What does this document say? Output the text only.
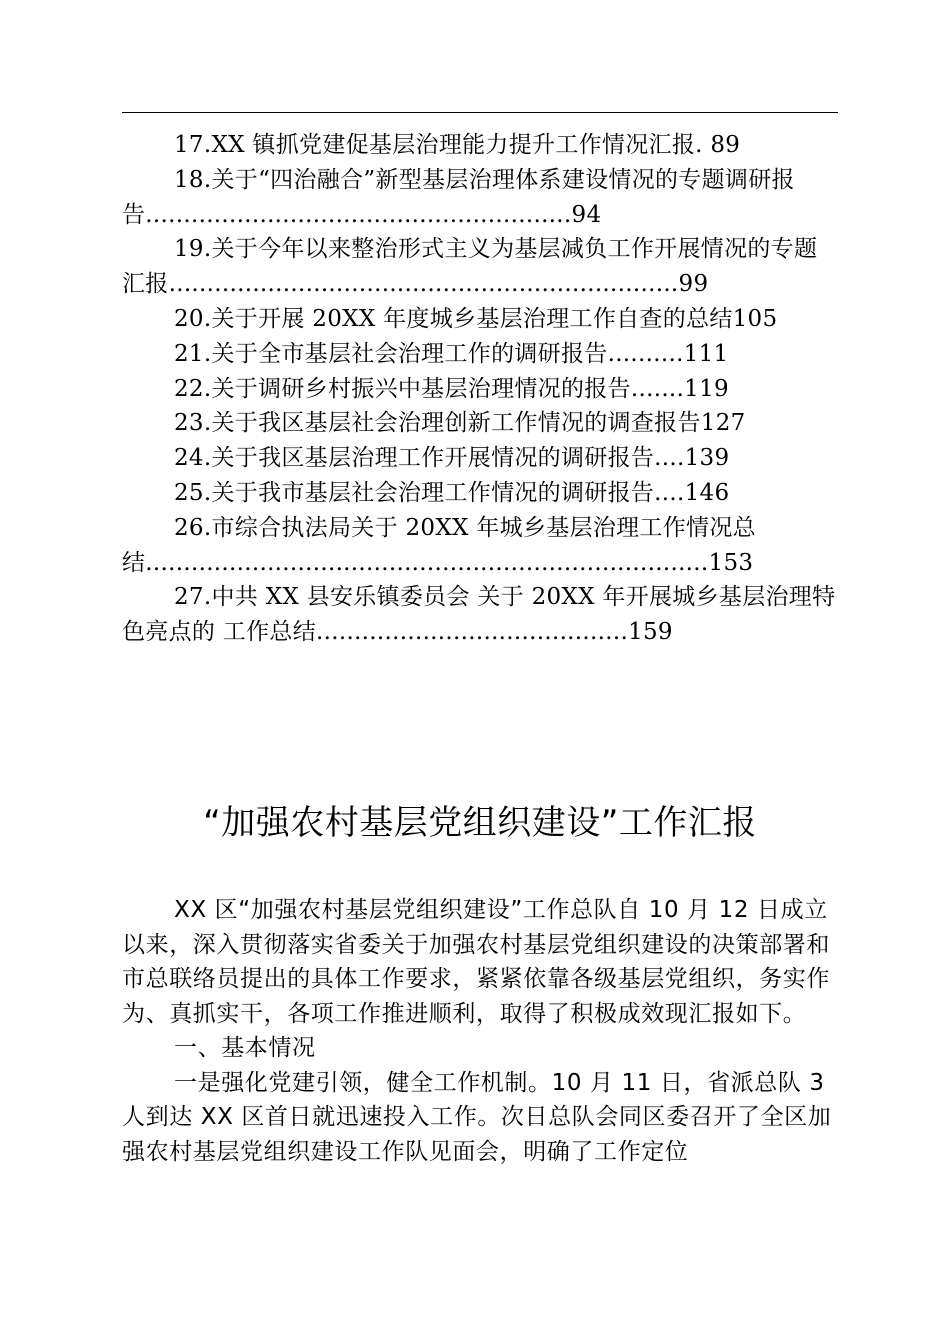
17.XX 镇抓党建促基层治理能力提升工作情况汇报. 89
18.关于“四治融合”新型基层治理体系建设情况的专题调研报告........................................................94
19.关于今年以来整治形式主义为基层减负工作开展情况的专题汇报...................................................................99
20.关于开展 20XX 年度城乡基层治理工作自查的总结105
21.关于全市基层社会治理工作的调研报告..........111
22.关于调研乡村振兴中基层治理情况的报告.......119
23.关于我区基层社会治理创新工作情况的调查报告127
24.关于我区基层治理工作开展情况的调研报告....139
25.关于我市基层社会治理工作情况的调研报告....146
26.市综合执法局关于 20XX 年城乡基层治理工作情况总结..........................................................................153
27.中共 XX 县安乐镇委员会 关于 20XX 年开展城乡基层治理特色亮点的 工作总结.........................................159
“加强农村基层党组织建设”工作汇报

XX 区“加强农村基层党组织建设”工作总队自 10 月 12 日成立以来，深入贯彻落实省委关于加强农村基层党组织建设的决策部署和市总联络员提出的具体工作要求，紧紧依靠各级基层党组织，务实作为、真抓实干，各项工作推进顺利，取得了积极成效现汇报如下。

一、基本情况

一是强化党建引领，健全工作机制。10 月 11 日，省派总队 3 人到达 XX 区首日就迅速投入工作。次日总队会同区委召开了全区加强农村基层党组织建设工作队见面会，明确了工作定位
